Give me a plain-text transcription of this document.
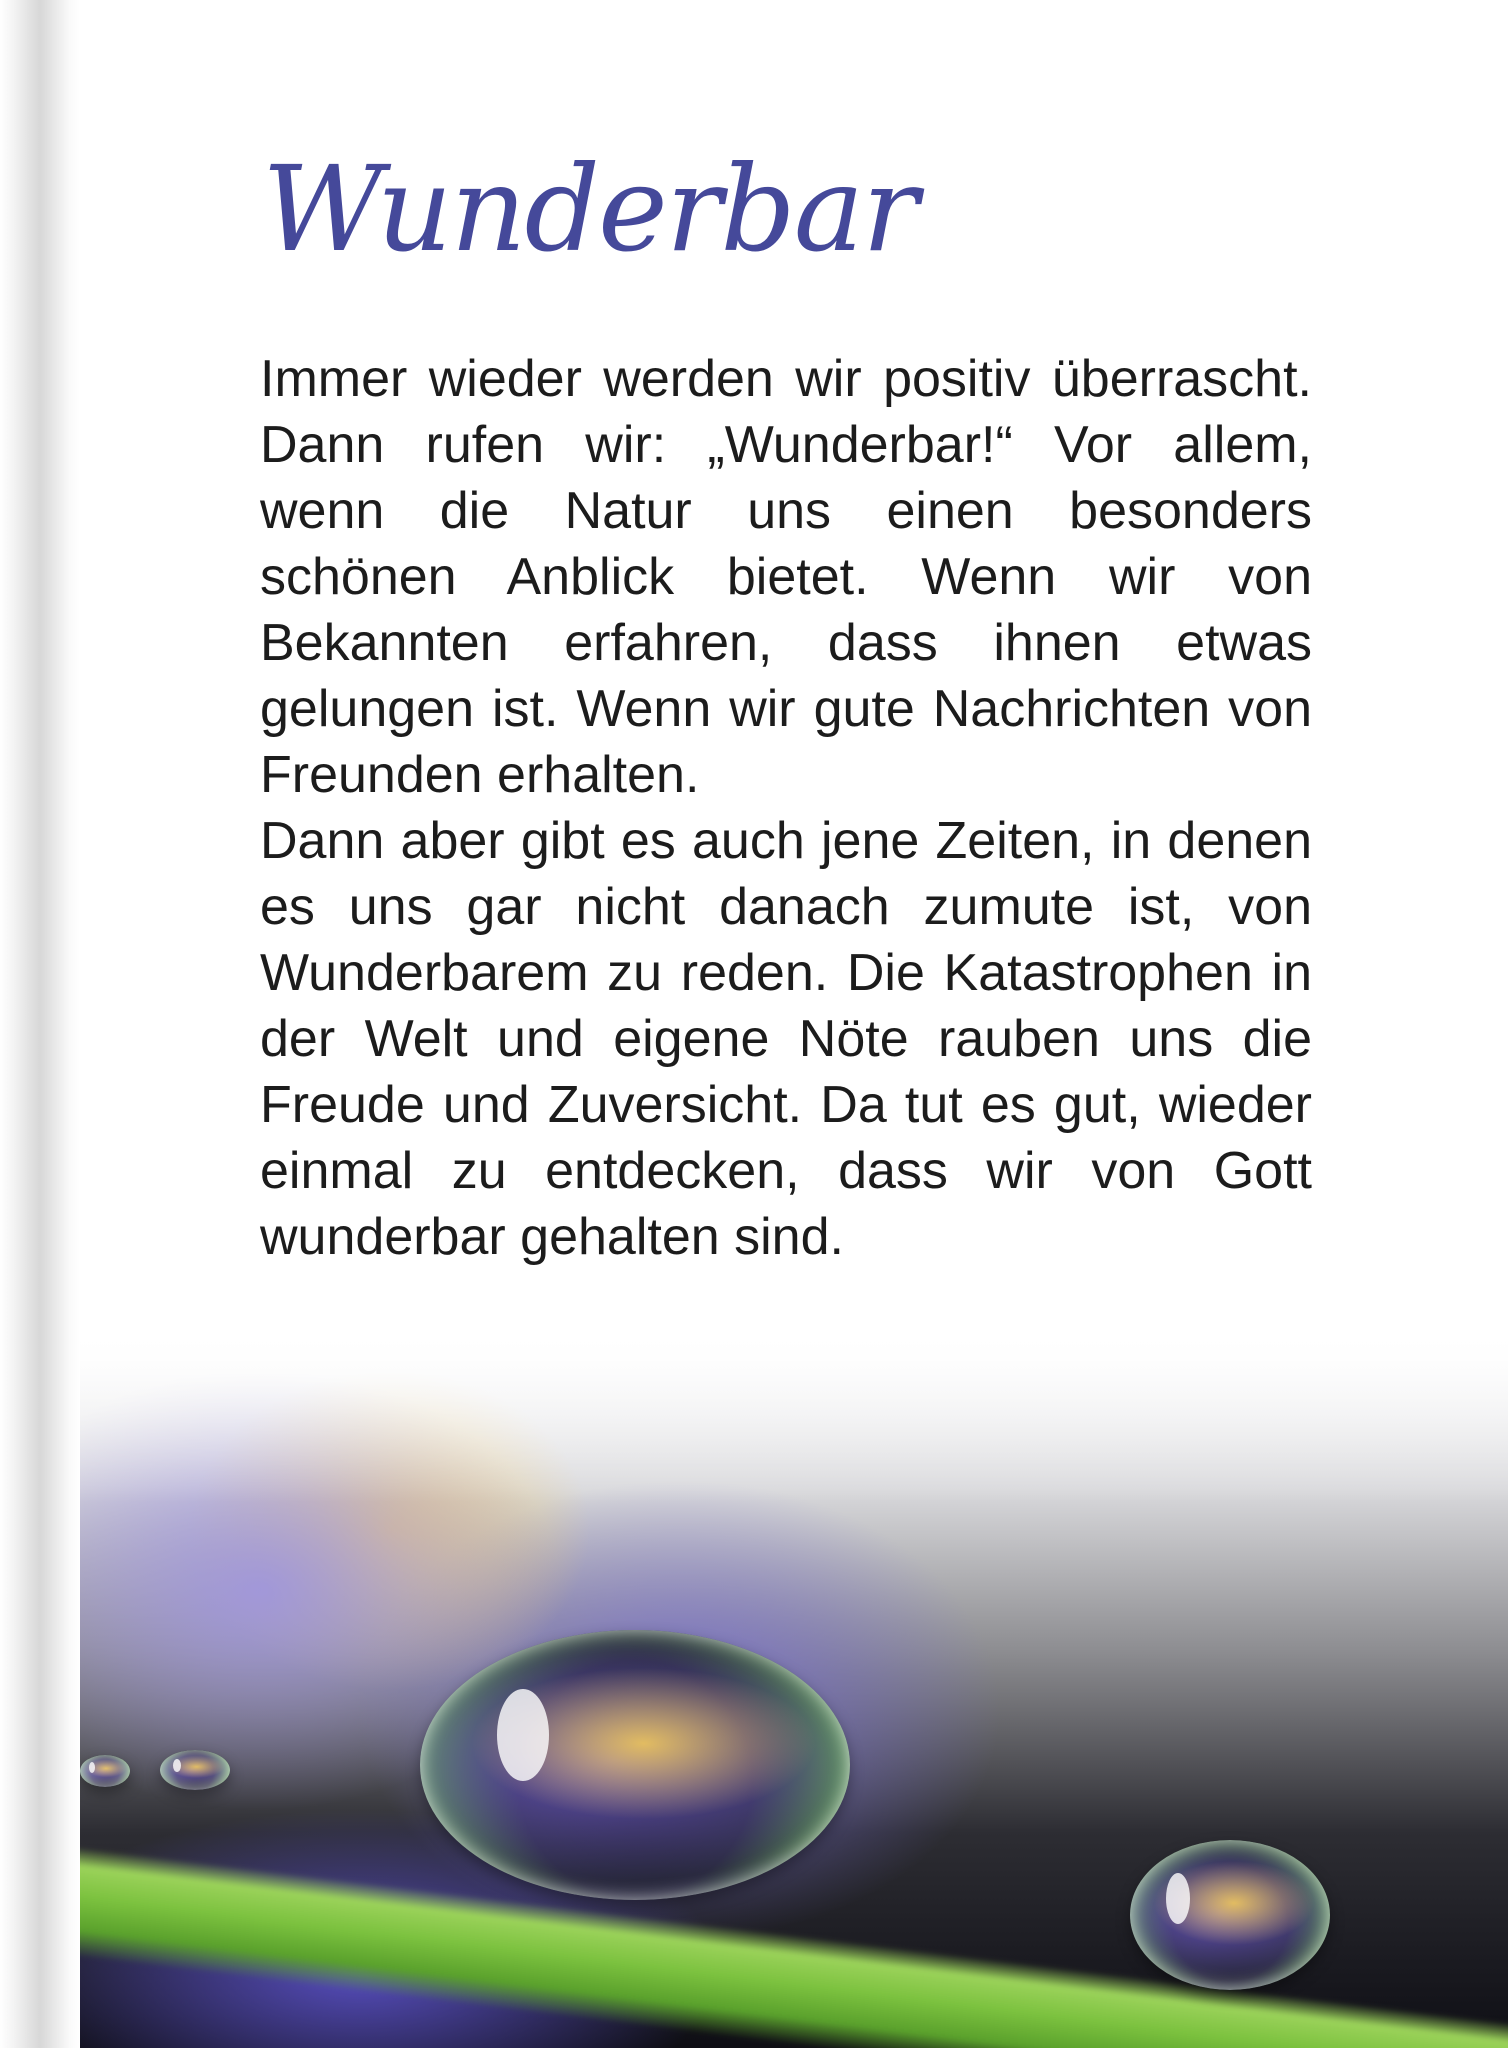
Wunderbar

Immer wieder werden wir positiv überrascht. Dann rufen wir: „Wunderbar!“ Vor allem, wenn die Natur uns einen besonders schönen Anblick bietet. Wenn wir von Bekannten erfahren, dass ihnen etwas gelungen ist. Wenn wir gute Nachrichten von Freunden erhalten.

Dann aber gibt es auch jene Zeiten, in denen es uns gar nicht danach zumute ist, von Wunderbarem zu reden. Die Katastrophen in der Welt und eigene Nöte rauben uns die Freude und Zuversicht. Da tut es gut, wieder einmal zu entdecken, dass wir von Gott wunderbar gehalten sind.
